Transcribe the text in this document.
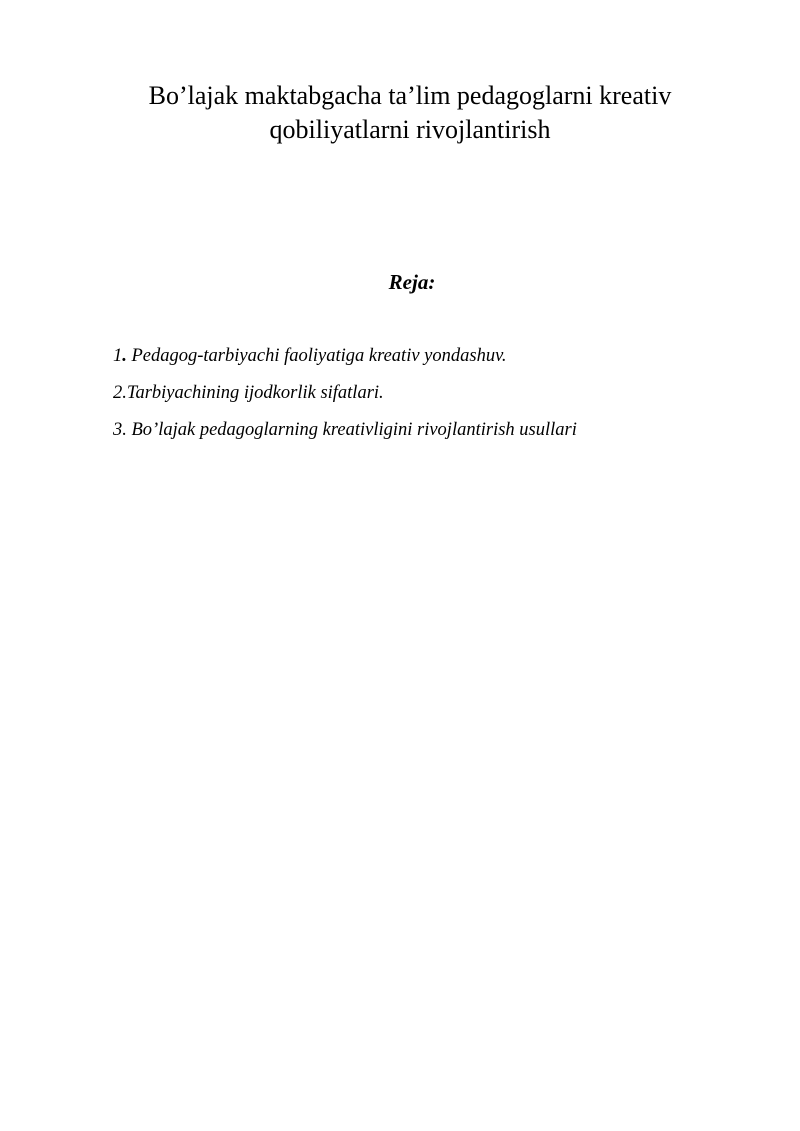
Bo’lajak maktabgacha ta’lim pedagoglarni kreativ
qobiliyatlarni rivojlantirish
Reja:
1. Pedagog-tarbiyachi faoliyatiga kreativ yondashuv.
2.Tarbiyachining ijodkorlik sifatlari.
3. Bo’lajak pedagoglarning kreativligini rivojlantirish usullari
